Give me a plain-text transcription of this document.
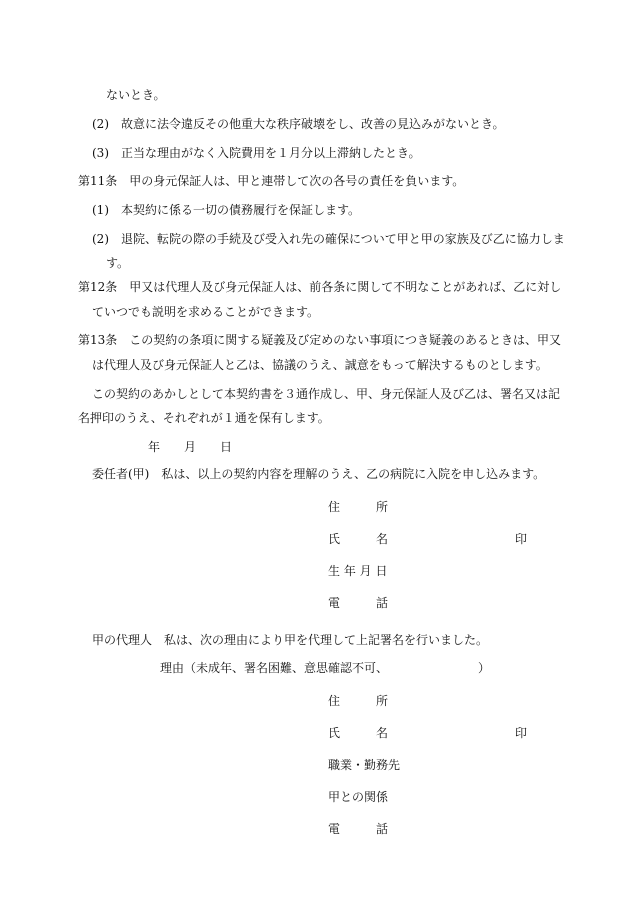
ないとき。
(2)　故意に法令違反その他重大な秩序破壊をし、改善の見込みがないとき。
(3)　正当な理由がなく入院費用を１月分以上滞納したとき。
第11条　甲の身元保証人は、甲と連帯して次の各号の責任を負います。
(1)　本契約に係る一切の債務履行を保証します。
(2)　退院、転院の際の手続及び受入れ先の確保について甲と甲の家族及び乙に協力しま
す。
第12条　甲又は代理人及び身元保証人は、前各条に関して不明なことがあれば、乙に対し
ていつでも説明を求めることができます。
第13条　この契約の条項に関する疑義及び定めのない事項につき疑義のあるときは、甲又
は代理人及び身元保証人と乙は、協議のうえ、誠意をもって解決するものとします。
この契約のあかしとして本契約書を３通作成し、甲、身元保証人及び乙は、署名又は記
名押印のうえ、それぞれが１通を保有します。
年　　月　　日
委任者(甲)　私は、以上の契約内容を理解のうえ、乙の病院に入院を申し込みます。
住　　　所
氏　　　名	印
生 年 月 日
電　　　話
甲の代理人　私は、次の理由により甲を代理して上記署名を行いました。
理由（未成年、署名困難、意思確認不可、　　　　　　　　）
住　　　所
氏　　　名	印
職業・勤務先
甲との関係
電　　　話
